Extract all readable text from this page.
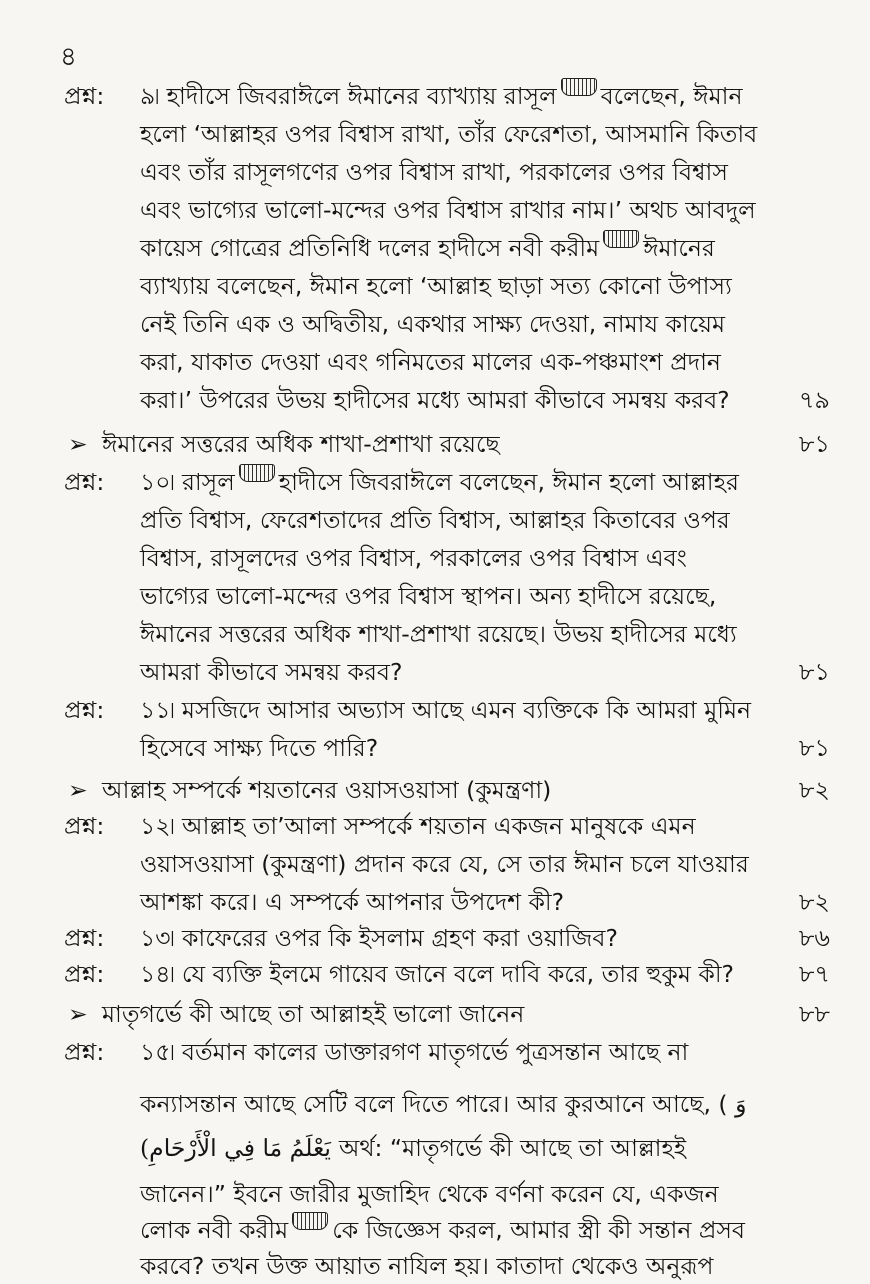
৪
প্রশ্ন: ৯৷ হাদীসে জিবরাঈলে ঈমানের ব্যাখ্যায় রাসূল বলেছেন, ঈমান
হলো ‘আল্লাহর ওপর বিশ্বাস রাখা, তাঁর ফেরেশতা, আসমানি কিতাব
এবং তাঁর রাসূলগণের ওপর বিশ্বাস রাখা, পরকালের ওপর বিশ্বাস
এবং ভাগ্যের ভালো-মন্দের ওপর বিশ্বাস রাখার নাম।’ অথচ আবদুল
কায়েস গোত্রের প্রতিনিধি দলের হাদীসে নবী করীম ঈমানের
ব্যাখ্যায় বলেছেন, ঈমান হলো ‘আল্লাহ ছাড়া সত্য কোনো উপাস্য
নেই তিনি এক ও অদ্বিতীয়, একথার সাক্ষ্য দেওয়া, নামায কায়েম
করা, যাকাত দেওয়া এবং গনিমতের মালের এক-পঞ্চমাংশ প্রদান
করা।’ উপরের উভয় হাদীসের মধ্যে আমরা কীভাবে সমন্বয় করব?	৭৯
➢ ঈমানের সত্তরের অধিক শাখা-প্রশাখা রয়েছে	৮১
প্রশ্ন: ১০৷ রাসূল হাদীসে জিবরাঈলে বলেছেন, ঈমান হলো আল্লাহর
প্রতি বিশ্বাস, ফেরেশতাদের প্রতি বিশ্বাস, আল্লাহর কিতাবের ওপর
বিশ্বাস, রাসূলদের ওপর বিশ্বাস, পরকালের ওপর বিশ্বাস এবং
ভাগ্যের ভালো-মন্দের ওপর বিশ্বাস স্থাপন। অন্য হাদীসে রয়েছে,
ঈমানের সত্তরের অধিক শাখা-প্রশাখা রয়েছে। উভয় হাদীসের মধ্যে
আমরা কীভাবে সমন্বয় করব?	৮১
প্রশ্ন: ১১৷ মসজিদে আসার অভ্যাস আছে এমন ব্যক্তিকে কি আমরা মুমিন
হিসেবে সাক্ষ্য দিতে পারি?	৮১
➢ আল্লাহ সম্পর্কে শয়তানের ওয়াসওয়াসা (কুমন্ত্রণা)	৮২
প্রশ্ন: ১২৷ আল্লাহ তা’আলা সম্পর্কে শয়তান একজন মানুষকে এমন
ওয়াসওয়াসা (কুমন্ত্রণা) প্রদান করে যে, সে তার ঈমান চলে যাওয়ার
আশঙ্কা করে। এ সম্পর্কে আপনার উপদেশ কী?	৮২
প্রশ্ন: ১৩৷ কাফেরের ওপর কি ইসলাম গ্রহণ করা ওয়াজিব?	৮৬
প্রশ্ন: ১৪৷ যে ব্যক্তি ইলমে গায়েব জানে বলে দাবি করে, তার হুকুম কী?	৮৭
➢ মাতৃগর্ভে কী আছে তা আল্লাহই ভালো জানেন	৮৮
প্রশ্ন: ১৫৷ বর্তমান কালের ডাক্তারগণ মাতৃগর্ভে পুত্রসন্তান আছে না
কন্যাসন্তান আছে সেটি বলে দিতে পারে। আর কুরআনে আছে, ( وَ
يَعْلَمُ مَا فِي الْأَرْحَامِ) অর্থ: “মাতৃগর্ভে কী আছে তা আল্লাহই
জানেন।” ইবনে জারীর মুজাহিদ থেকে বর্ণনা করেন যে, একজন
লোক নবী করীম কে জিজ্ঞেস করল, আমার স্ত্রী কী সন্তান প্রসব
করবে? তখন উক্ত আয়াত নাযিল হয়। কাতাদা থেকেও অনুরূপ
